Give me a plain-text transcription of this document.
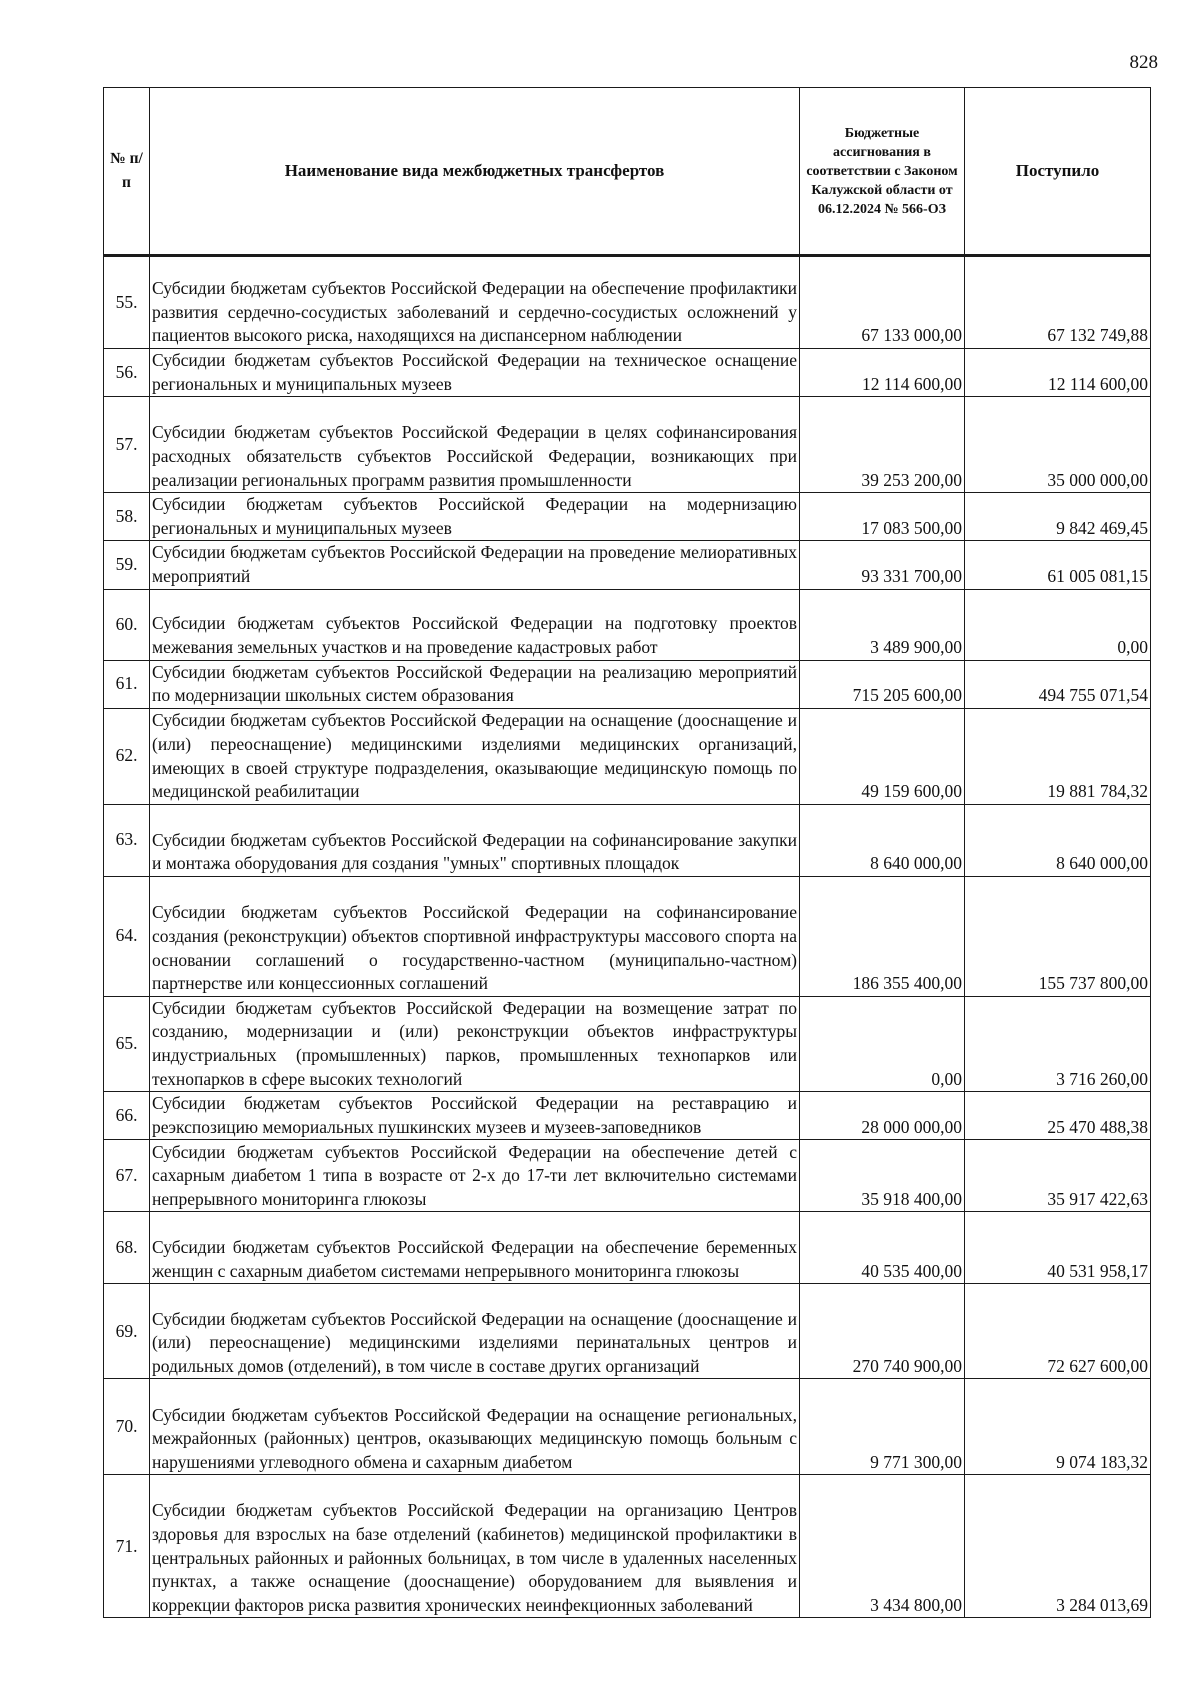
828
№ п/п	Наименование вида межбюджетных трансфертов	Бюджетные ассигнования в соответствии с Законом Калужской области от 06.12.2024 № 566-ОЗ	Поступило
55.	Субсидии бюджетам субъектов Российской Федерации на обеспечение профилактики развития сердечно-сосудистых заболеваний и сердечно-сосудистых осложнений у пациентов высокого риска, находящихся на диспансерном наблюдении	67 133 000,00	67 132 749,88
56.	Субсидии бюджетам субъектов Российской Федерации на техническое оснащение региональных и муниципальных музеев	12 114 600,00	12 114 600,00
57.	Субсидии бюджетам субъектов Российской Федерации в целях софинансирования расходных обязательств субъектов Российской Федерации, возникающих при реализации региональных программ развития промышленности	39 253 200,00	35 000 000,00
58.	Субсидии бюджетам субъектов Российской Федерации на модернизацию региональных и муниципальных музеев	17 083 500,00	9 842 469,45
59.	Субсидии бюджетам субъектов Российской Федерации на проведение мелиоративных мероприятий	93 331 700,00	61 005 081,15
60.	Субсидии бюджетам субъектов Российской Федерации на подготовку проектов межевания земельных участков и на проведение кадастровых работ	3 489 900,00	0,00
61.	Субсидии бюджетам субъектов Российской Федерации на реализацию мероприятий по модернизации школьных систем образования	715 205 600,00	494 755 071,54
62.	Субсидии бюджетам субъектов Российской Федерации на оснащение (дооснащение и (или) переоснащение) медицинскими изделиями медицинских организаций, имеющих в своей структуре подразделения, оказывающие медицинскую помощь по медицинской реабилитации	49 159 600,00	19 881 784,32
63.	Субсидии бюджетам субъектов Российской Федерации на софинансирование закупки и монтажа оборудования для создания "умных" спортивных площадок	8 640 000,00	8 640 000,00
64.	Субсидии бюджетам субъектов Российской Федерации на софинансирование создания (реконструкции) объектов спортивной инфраструктуры массового спорта на основании соглашений о государственно-частном (муниципально-частном) партнерстве или концессионных соглашений	186 355 400,00	155 737 800,00
65.	Субсидии бюджетам субъектов Российской Федерации на возмещение затрат по созданию, модернизации и (или) реконструкции объектов инфраструктуры индустриальных (промышленных) парков, промышленных технопарков или технопарков в сфере высоких технологий	0,00	3 716 260,00
66.	Субсидии бюджетам субъектов Российской Федерации на реставрацию и реэкспозицию мемориальных пушкинских музеев и музеев-заповедников	28 000 000,00	25 470 488,38
67.	Субсидии бюджетам субъектов Российской Федерации на обеспечение детей с сахарным диабетом 1 типа в возрасте от 2-х до 17-ти лет включительно системами непрерывного мониторинга глюкозы	35 918 400,00	35 917 422,63
68.	Субсидии бюджетам субъектов Российской Федерации на обеспечение беременных женщин с сахарным диабетом системами непрерывного мониторинга глюкозы	40 535 400,00	40 531 958,17
69.	Субсидии бюджетам субъектов Российской Федерации на оснащение (дооснащение и (или) переоснащение) медицинскими изделиями перинатальных центров и родильных домов (отделений), в том числе в составе других организаций	270 740 900,00	72 627 600,00
70.	Субсидии бюджетам субъектов Российской Федерации на оснащение региональных, межрайонных (районных) центров, оказывающих медицинскую помощь больным с нарушениями углеводного обмена и сахарным диабетом	9 771 300,00	9 074 183,32
71.	Субсидии бюджетам субъектов Российской Федерации на организацию Центров здоровья для взрослых на базе отделений (кабинетов) медицинской профилактики в центральных районных и районных больницах, в том числе в удаленных населенных пунктах, а также оснащение (дооснащение) оборудованием для выявления и коррекции факторов риска развития хронических неинфекционных заболеваний	3 434 800,00	3 284 013,69
